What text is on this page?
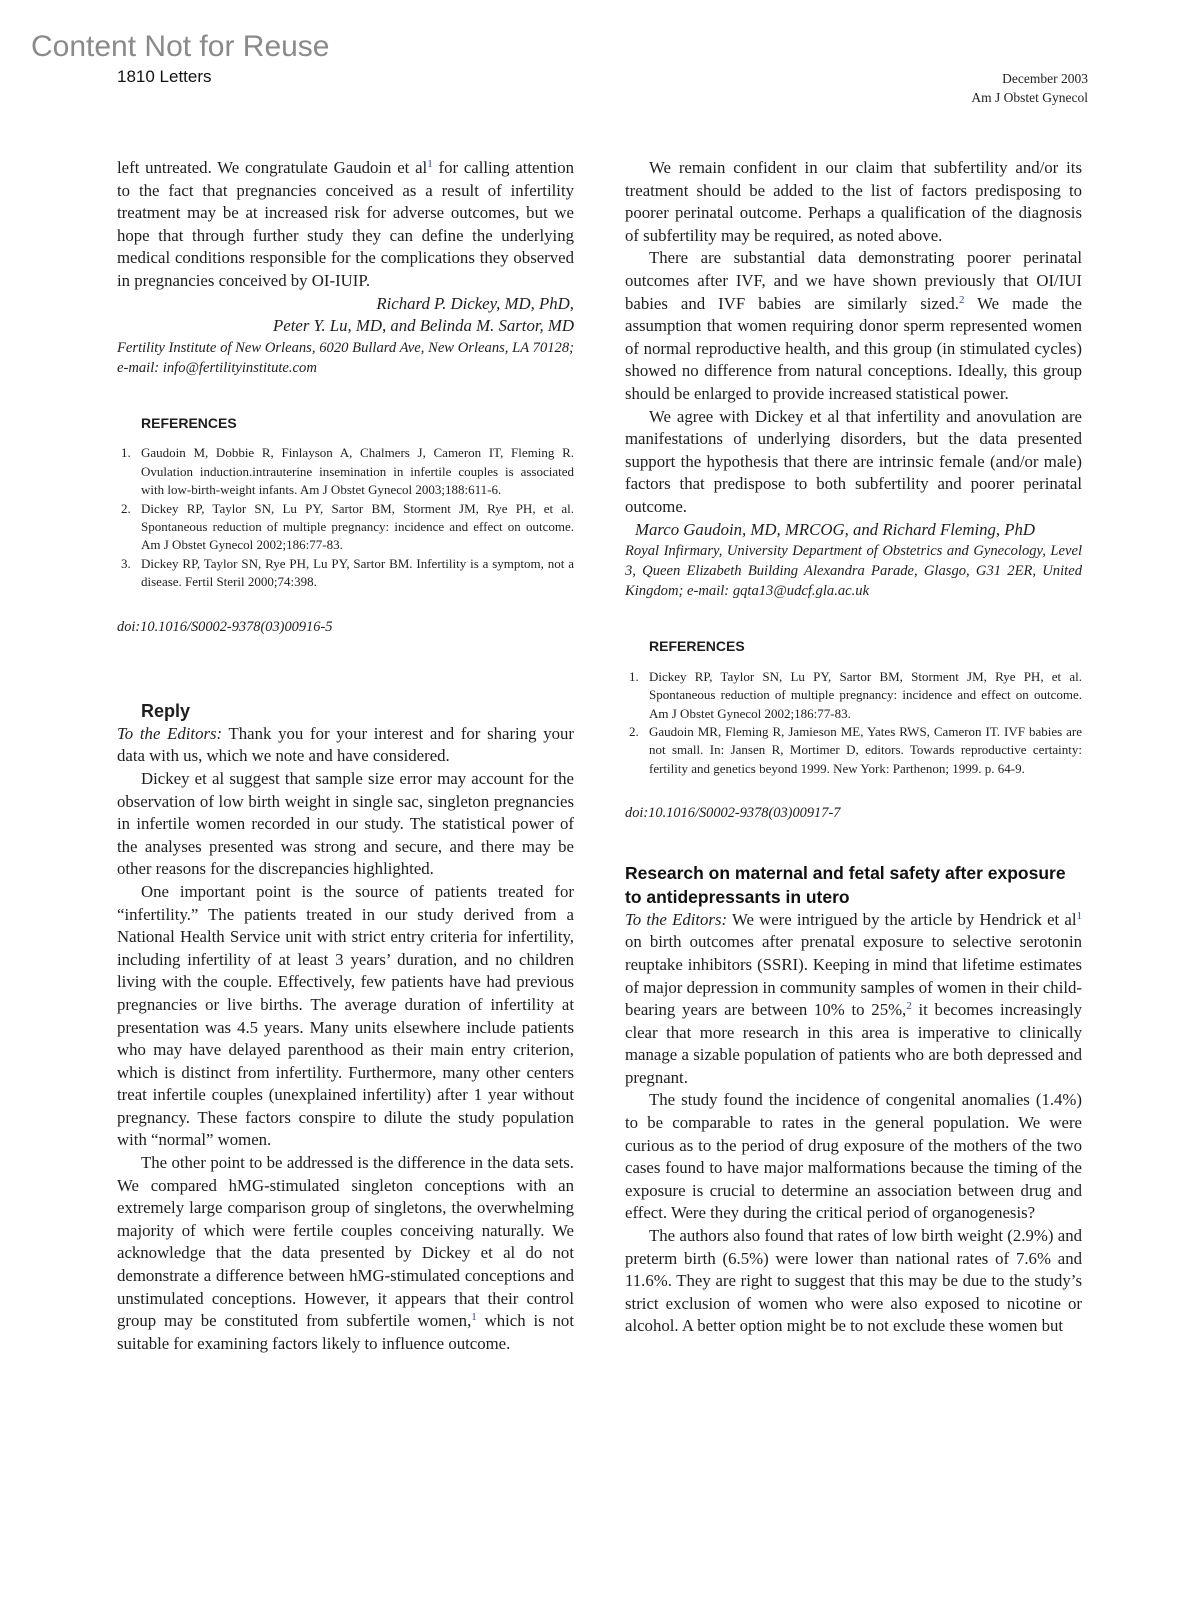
Content Not for Reuse
1810 Letters	December 2003
Am J Obstet Gynecol

left untreated. We congratulate Gaudoin et $al^1$ for calling attention to the fact that pregnancies conceived as a result of infertility treatment may be at increased risk for adverse outcomes, but we hope that through further study they can define the underlying medical conditions responsible for the complications they observed in pregnancies conceived by OI-IUIP.

Richard P. Dickey, MD, PhD,
Peter Y. Lu, MD, and Belinda M. Sartor, MD
Fertility Institute of New Orleans, 6020 Bullard Ave, New Orleans, LA 70128; e-mail: info@fertilityinstitute.com
REFERENCES
1. Gaudoin M, Dobbie R, Finlayson A, Chalmers J, Cameron IT, Fleming R. Ovulation induction.intrauterine insemination in infertile couples is associated with low-birth-weight infants. Am J Obstet Gynecol 2003;188:611-6.
2. Dickey RP, Taylor SN, Lu PY, Sartor BM, Storment JM, Rye PH, et al. Spontaneous reduction of multiple pregnancy: incidence and effect on outcome. Am J Obstet Gynecol 2002;186:77-83.
3. Dickey RP, Taylor SN, Rye PH, Lu PY, Sartor BM. Infertility is a symptom, not a disease. Fertil Steril 2000;74:398.
doi:10.1016/S0002-9378(03)00916-5
Reply

To the Editors: Thank you for your interest and for sharing your data with us, which we note and have considered.

Dickey et al suggest that sample size error may account for the observation of low birth weight in single sac, singleton pregnancies in infertile women recorded in our study. The statistical power of the analyses presented was strong and secure, and there may be other reasons for the discrepancies highlighted.

One important point is the source of patients treated for “infertility.” The patients treated in our study derived from a National Health Service unit with strict entry criteria for infertility, including infertility of at least 3 years’ duration, and no children living with the couple. Effectively, few patients have had previous pregnancies or live births. The average duration of infertility at presentation was 4.5 years. Many units elsewhere include patients who may have delayed parenthood as their main entry criterion, which is distinct from infertility. Furthermore, many other centers treat infertile couples (unexplained infertility) after 1 year without pregnancy. These factors conspire to dilute the study population with “normal” women.

The other point to be addressed is the difference in the data sets. We compared hMG-stimulated singleton conceptions with an extremely large comparison group of singletons, the overwhelming majority of which were fertile couples conceiving naturally. We acknowledge that the data presented by Dickey et al do not demonstrate a difference between hMG-stimulated conceptions and unstimulated conceptions. However, it appears that their control group may be constituted from subfertile women,$^1$ which is not suitable for examining factors likely to influence outcome.

We remain confident in our claim that subfertility and/or its treatment should be added to the list of factors predisposing to poorer perinatal outcome. Perhaps a qualification of the diagnosis of subfertility may be required, as noted above.

There are substantial data demonstrating poorer perinatal outcomes after IVF, and we have shown previously that OI/IUI babies and IVF babies are similarly sized.$^2$ We made the assumption that women requiring donor sperm represented women of normal reproductive health, and this group (in stimulated cycles) showed no difference from natural conceptions. Ideally, this group should be enlarged to provide increased statistical power.

We agree with Dickey et al that infertility and anovulation are manifestations of underlying disorders, but the data presented support the hypothesis that there are intrinsic female (and/or male) factors that predispose to both subfertility and poorer perinatal outcome.

Marco Gaudoin, MD, MRCOG, and Richard Fleming, PhD
Royal Infirmary, University Department of Obstetrics and Gynecology, Level 3, Queen Elizabeth Building Alexandra Parade, Glasgo, G31 2ER, United Kingdom; e-mail: gqta13@udcf.gla.ac.uk
REFERENCES
1. Dickey RP, Taylor SN, Lu PY, Sartor BM, Storment JM, Rye PH, et al. Spontaneous reduction of multiple pregnancy: incidence and effect on outcome. Am J Obstet Gynecol 2002;186:77-83.
2. Gaudoin MR, Fleming R, Jamieson ME, Yates RWS, Cameron IT. IVF babies are not small. In: Jansen R, Mortimer D, editors. Towards reproductive certainty: fertility and genetics beyond 1999. New York: Parthenon; 1999. p. 64-9.
doi:10.1016/S0002-9378(03)00917-7
Research on maternal and fetal safety after exposure to antidepressants in utero

To the Editors: We were intrigued by the article by Hendrick et $al^1$ on birth outcomes after prenatal exposure to selective serotonin reuptake inhibitors (SSRI). Keeping in mind that lifetime estimates of major depression in community samples of women in their child-bearing years are between 10% to 25%,$^2$ it becomes increasingly clear that more research in this area is imperative to clinically manage a sizable population of patients who are both depressed and pregnant.

The study found the incidence of congenital anomalies (1.4%) to be comparable to rates in the general population. We were curious as to the period of drug exposure of the mothers of the two cases found to have major malformations because the timing of the exposure is crucial to determine an association between drug and effect. Were they during the critical period of organogenesis?

The authors also found that rates of low birth weight (2.9%) and preterm birth (6.5%) were lower than national rates of 7.6% and 11.6%. They are right to suggest that this may be due to the study’s strict exclusion of women who were also exposed to nicotine or alcohol. A better option might be to not exclude these women but
